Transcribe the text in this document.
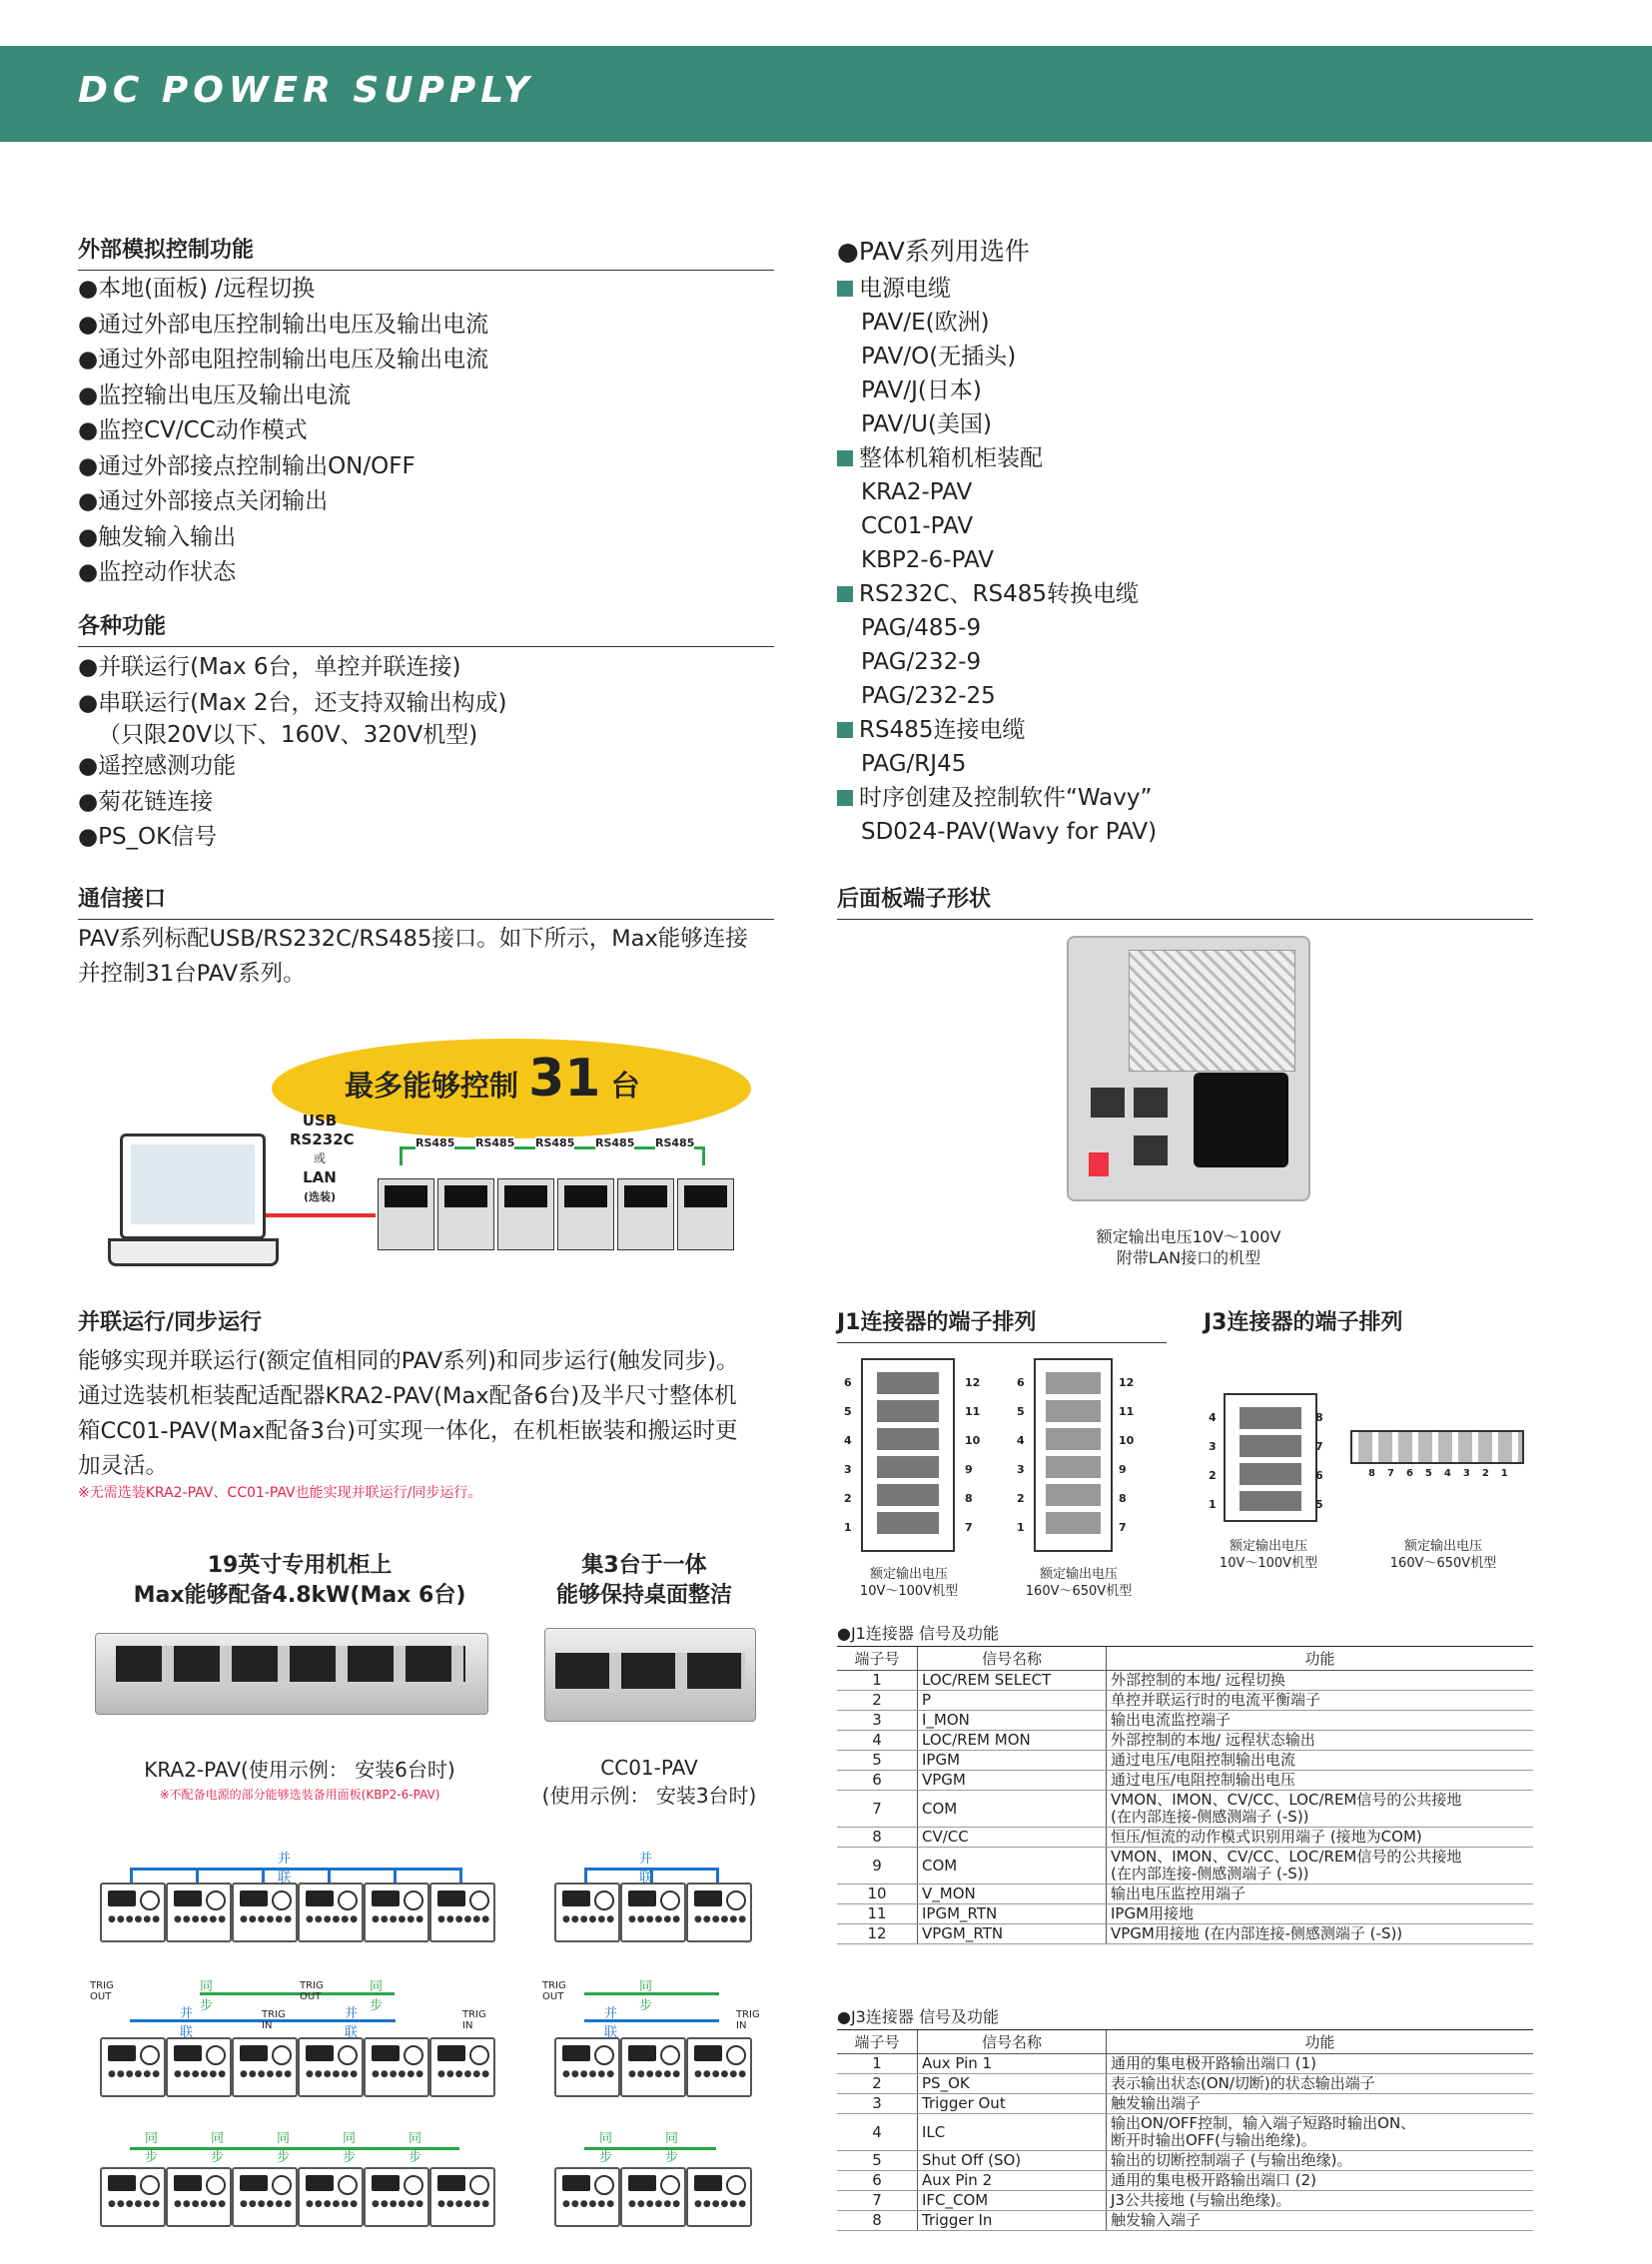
DC POWER SUPPLY
外部模拟控制功能
●本地(面板) /远程切换
●通过外部电压控制输出电压及输出电流
●通过外部电阻控制输出电压及输出电流
●监控输出电压及输出电流
●监控CV/CC动作模式
●通过外部接点控制输出ON/OFF
●通过外部接点关闭输出
●触发输入输出
●监控动作状态
各种功能
●并联运行(Max 6台，单控并联连接)
●串联运行(Max 2台，还支持双输出构成)
（只限20V以下、160V、320V机型)
●遥控感测功能
●菊花链连接
●PS_OK信号
通信接口
PAV系列标配USB/RS232C/RS485接口。如下所示，Max能够连接
并控制31台PAV系列。
最多能够控制 31 台
USB
RS232C
或
LAN
(选装)
RS485 RS485 RS485 RS485 RS485
并联运行/同步运行
能够实现并联运行(额定值相同的PAV系列)和同步运行(触发同步)。
通过选装机柜装配适配器KRA2-PAV(Max配备6台)及半尺寸整体机
箱CC01-PAV(Max配备3台)可实现一体化，在机柜嵌装和搬运时更
加灵活。
※无需选装KRA2-PAV、CC01-PAV也能实现并联运行/同步运行。
19英寸专用机柜上
Max能够配备4.8kW(Max 6台)
集3台于一体
能够保持桌面整洁
KRA2-PAV(使用示例： 安装6台时)
※不配备电源的部分能够选装备用面板(KBP2-6-PAV)
CC01-PAV
(使用示例： 安装3台时)
●●●●●● ●●●●●● ●●●●●● ●●●●●● ●●●●●● ●●●●●●
并联
●●●●●● ●●●●●● ●●●●●●
并联
●●●●●● ●●●●●● ●●●●●● ●●●●●● ●●●●●● ●●●●●●
并联
并联
同步
同步
TRIG OUT
TRIG OUT
TRIG IN
TRIG IN
●●●●●● ●●●●●● ●●●●●●
并联
同步
TRIG OUT
TRIG IN
●●●●●● ●●●●●● ●●●●●● ●●●●●● ●●●●●● ●●●●●●
同步
同步
同步
同步
同步
●●●●●● ●●●●●● ●●●●●●
同步
同步
●PAV系列用选件
电源电缆
PAV/E(欧洲)
PAV/O(无插头)
PAV/J(日本)
PAV/U(美国)
整体机箱机柜装配
KRA2-PAV
CC01-PAV
KBP2-6-PAV
RS232C、RS485转换电缆
PAG/485-9
PAG/232-9
PAG/232-25
RS485连接电缆
PAG/RJ45
时序创建及控制软件“Wavy”
SD024-PAV(Wavy for PAV)
后面板端子形状
额定输出电压10V～100V
附带LAN接口的机型
J1连接器的端子排列	J3连接器的端子排列
6
5
4
3
2
1
12
11
10
9
8
7
6
5
4
3
2
1
12
11
10
9
8
7
额定输出电压
10V～100V机型
额定输出电压
160V～650V机型
4
3
2
1
8
7
6
5
87654321
额定输出电压
10V～100V机型
额定输出电压
160V～650V机型
●J1连接器 信号及功能
端子号	信号名称	功能
1	LOC/REM SELECT	外部控制的本地/ 远程切换
2	P	单控并联运行时的电流平衡端子
3	I_MON	输出电流监控端子
4	LOC/REM MON	外部控制的本地/ 远程状态输出
5	IPGM	通过电压/电阻控制输出电流
6	VPGM	通过电压/电阻控制输出电压
7	COM	VMON、IMON、CV/CC、LOC/REM信号的公共接地
(在内部连接-侧感测端子 (-S))
8	CV/CC	恒压/恒流的动作模式识别用端子 (接地为COM)
9	COM	VMON、IMON、CV/CC、LOC/REM信号的公共接地
(在内部连接-侧感测端子 (-S))
10	V_MON	输出电压监控用端子
11	IPGM_RTN	IPGM用接地
12	VPGM_RTN	VPGM用接地 (在内部连接-侧感测端子 (-S))
●J3连接器 信号及功能
端子号	信号名称	功能
1	Aux Pin 1	通用的集电极开路输出端口 (1)
2	PS_OK	表示输出状态(ON/切断)的状态输出端子
3	Trigger Out	触发输出端子
4	ILC	输出ON/OFF控制，输入端子短路时输出ON、
断开时输出OFF(与输出绝缘)。
5	Shut Off (SO)	输出的切断控制端子 (与输出绝缘)。
6	Aux Pin 2	通用的集电极开路输出端口 (2)
7	IFC_COM	J3公共接地 (与输出绝缘)。
8	Trigger In	触发输入端子
